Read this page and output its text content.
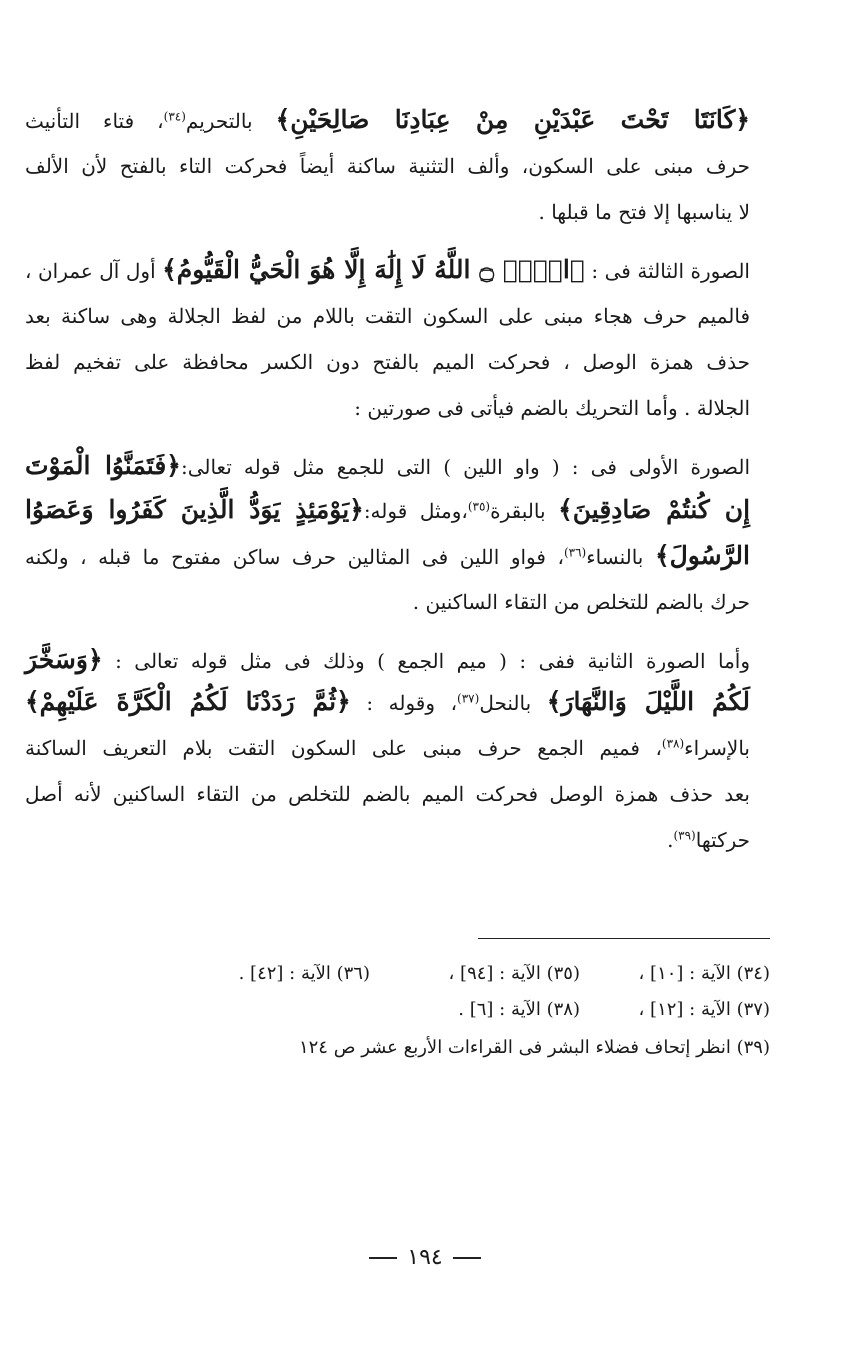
﴿كَانَتَا تَحْتَ عَبْدَيْنِ مِنْ عِبَادِنَا صَالِحَيْنِ﴾ بالتحريم$^{(٣٤)}$، فتاء التأنيث
حرف مبنى على السكون، وألف التثنية ساكنة أيضاً فحركت التاء بالفتح لأن الألف
لا يناسبها إلا فتح ما قبلها .
الصورة الثالثة فى : ﴿الۤمۤ ۝ اللَّهُ لَا إِلَٰهَ إِلَّا هُوَ الْحَيُّ الْقَيُّومُ﴾ أول آل عمران ،
فالميم حرف هجاء مبنى على السكون التقت باللام من لفظ الجلالة وهى ساكنة بعد
حذف همزة الوصل ، فحركت الميم بالفتح دون الكسر محافظة على تفخيم لفظ
الجلالة . وأما التحريك بالضم فيأتى فى صورتين :
الصورة الأولى فى : ( واو اللين ) التى للجمع مثل قوله تعالى:﴿فَتَمَنَّوُا الْمَوْتَ
إِن كُنتُمْ صَادِقِينَ﴾ بالبقرة$^{(٣٥)}$،ومثل قوله:﴿يَوْمَئِذٍ يَوَدُّ الَّذِينَ كَفَرُوا وَعَصَوُا
الرَّسُولَ﴾ بالنساء$^{(٣٦)}$، فواو اللين فى المثالين حرف ساكن مفتوح ما قبله ، ولكنه
حرك بالضم للتخلص من التقاء الساكنين .
وأما الصورة الثانية ففى : ( ميم الجمع ) وذلك فى مثل قوله تعالى : ﴿وَسَخَّرَ
لَكُمُ اللَّيْلَ وَالنَّهَارَ﴾ بالنحل$^{(٣٧)}$، وقوله : ﴿ثُمَّ رَدَدْنَا لَكُمُ الْكَرَّةَ عَلَيْهِمْ﴾
بالإسراء$^{(٣٨)}$، فميم الجمع حرف مبنى على السكون التقت بلام التعريف الساكنة
بعد حذف همزة الوصل فحركت الميم بالضم للتخلص من التقاء الساكنين لأنه أصل
حركتها$^{(٣٩)}$.
(٣٤) الآية : [١٠] ،(٣٥) الآية : [٩٤] ،(٣٦) الآية : [٤٢] .
(٣٧) الآية : [١٢] ،(٣٨) الآية : [٦] .
(٣٩) انظر إتحاف فضلاء البشر فى القراءات الأربع عشر ص ١٢٤
١٩٤
